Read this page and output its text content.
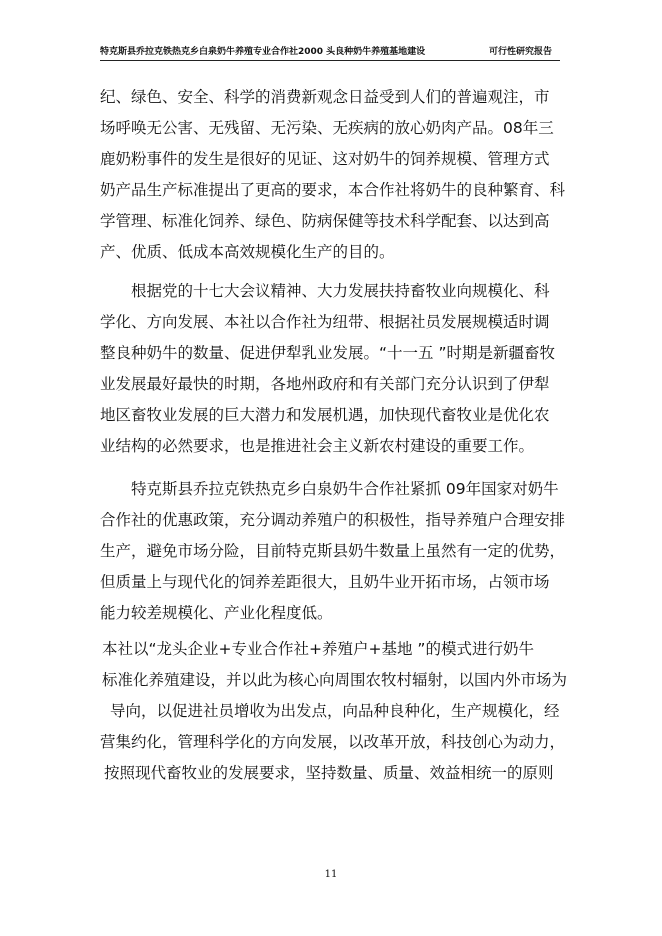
特克斯县乔拉克铁热克乡白泉奶牛养殖专业合作社2000 头良种奶牛养殖基地建设	可行性研究报告
纪、绿色、安全、科学的消费新观念日益受到人们的普遍观注，市
场呼唤无公害、无残留、无污染、无疾病的放心奶肉产品。08年三
鹿奶粉事件的发生是很好的见证、这对奶牛的饲养规模、管理方式
奶产品生产标准提出了更高的要求，本合作社将奶牛的良种繁育、科
学管理、标准化饲养、绿色、防病保健等技术科学配套、以达到高
产、优质、低成本高效规模化生产的目的。
根据党的十七大会议精神、大力发展扶持畜牧业向规模化、科
学化、方向发展、本社以合作社为纽带、根据社员发展规模适时调
整良种奶牛的数量、促进伊犁乳业发展。“十一五 ”时期是新疆畜牧
业发展最好最快的时期，各地州政府和有关部门充分认识到了伊犁
地区畜牧业发展的巨大潜力和发展机遇，加快现代畜牧业是优化农
业结构的必然要求，也是推进社会主义新农村建设的重要工作。
特克斯县乔拉克铁热克乡白泉奶牛合作社紧抓 09年国家对奶牛
合作社的优惠政策，充分调动养殖户的积极性，指导养殖户合理安排
生产，避免市场分险，目前特克斯县奶牛数量上虽然有一定的优势，
但质量上与现代化的饲养差距很大，且奶牛业开拓市场，占领市场
能力较差规模化、产业化程度低。
本社以“龙头企业+专业合作社+养殖户+基地 ”的模式进行奶牛
标准化养殖建设，并以此为核心向周围农牧村辐射，以国内外市场为
导向，以促进社员增收为出发点，向品种良种化，生产规模化，经
营集约化，管理科学化的方向发展，以改革开放，科技创心为动力，
按照现代畜牧业的发展要求，坚持数量、质量、效益相统一的原则
11
